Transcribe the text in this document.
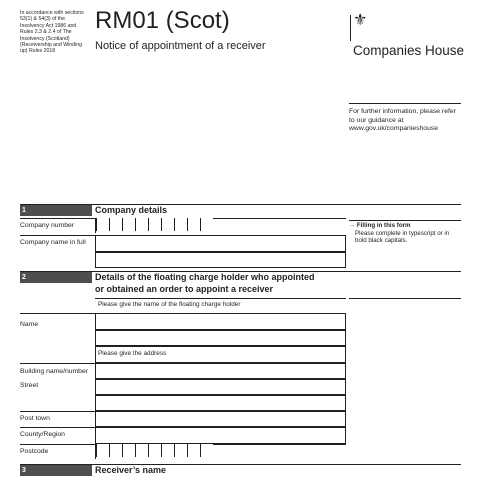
In accordance with sections 53(1) & 54(3) of the Insolvency Act 1986 and Rules 2.3 & 2.4 of The Insolvency (Scotland) (Receivership and Winding up) Rules 2018
RM01 (Scot)
Notice of appointment of a receiver
⚜
Companies House
For further information, please refer to our guidance at www.gov.uk/companieshouse
1	Company details
Company number
Company name in full
→ Filling in this form
Please complete in typescript or in bold black capitals.
2	Details of the floating charge holder who appointed
or obtained an order to appoint a receiver
Please give the name of the floating charge holder
Name
Please give the address
Building name/number
Street
Post town
County/Region
Postcode
3	Receiver’s name
